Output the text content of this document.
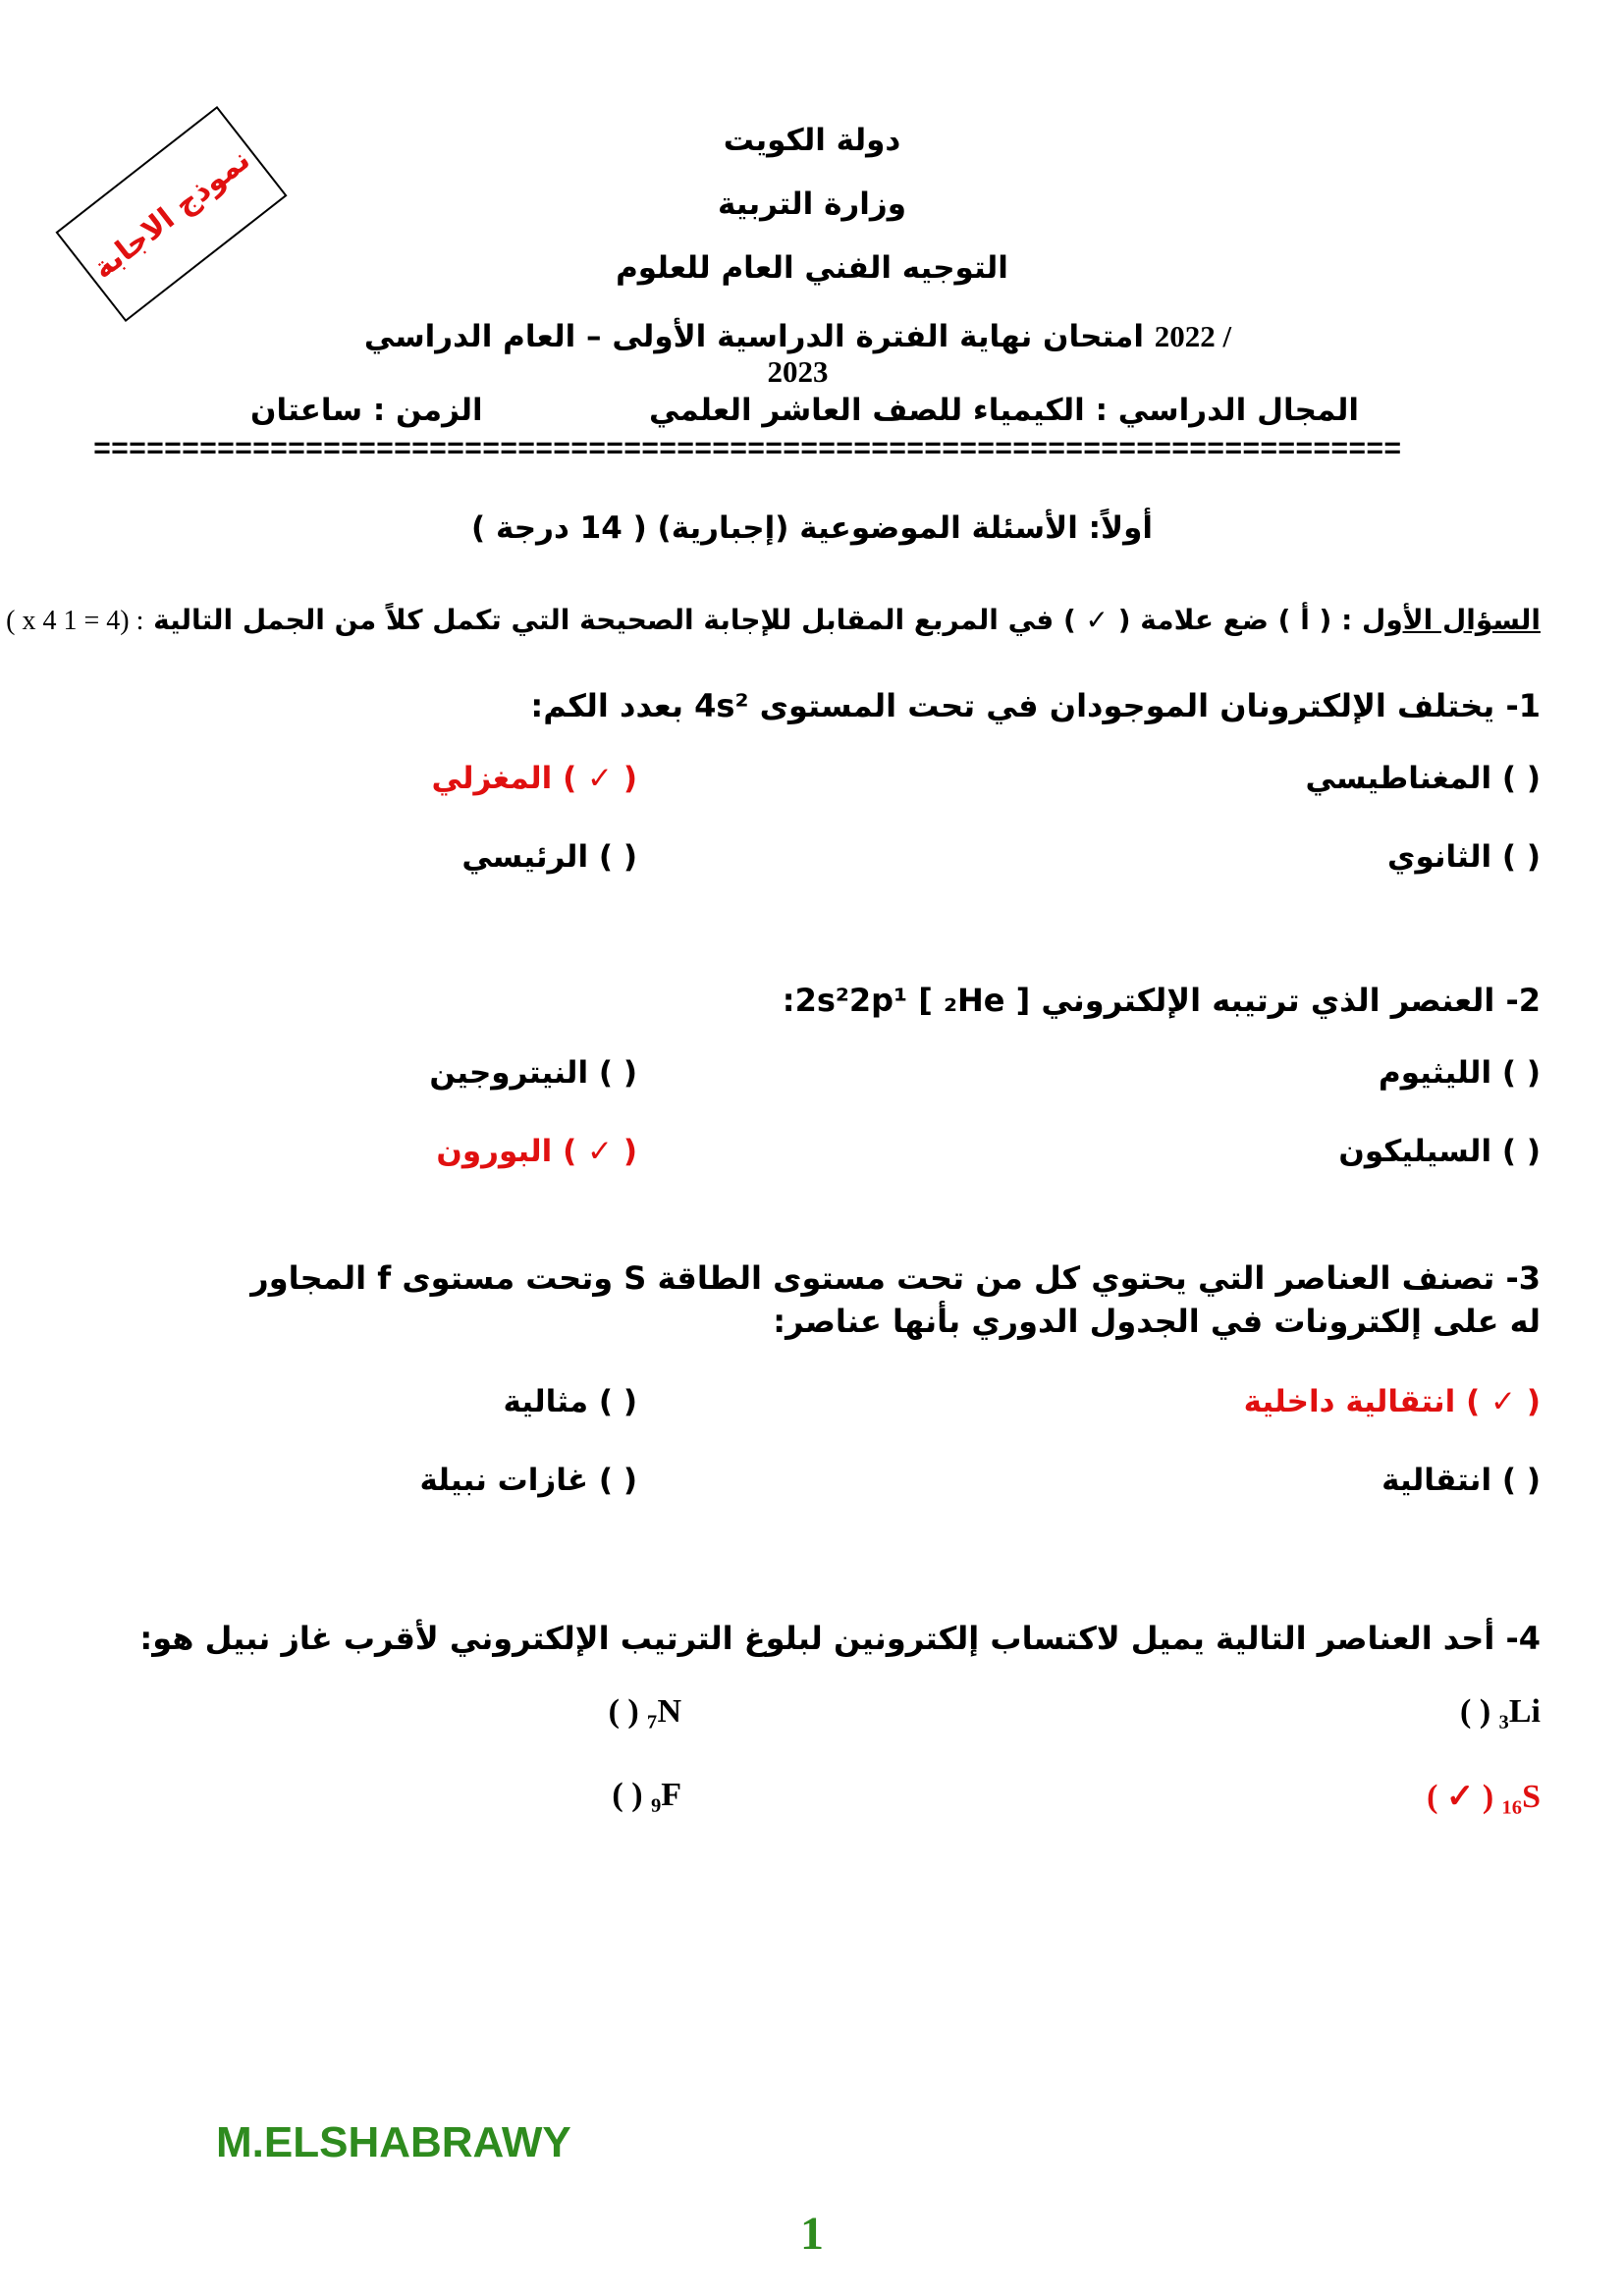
دولة الكويت
وزارة التربية
التوجيه الفني العام للعلوم
امتحان نهاية الفترة الدراسية الأولى – العام الدراسي 2022 / 2023
المجال الدراسي : الكيمياء للصف العاشر العلمي
الزمن : ساعتان
نموذج الاجابة
==========================================================================
أولاً: الأسئلة الموضوعية (إجبارية) ( 14 درجة )
السؤال الأول : ( أ ) ضع علامة ( ✓ ) في المربع المقابل للإجابة الصحيحة التي تكمل كلاً من الجمل التالية : (4 = 1 x 4 )
1- يختلف الإلكترونان الموجودان في تحت المستوى 4s² بعدد الكم:
( ) المغناطيسي
( ✓ ) المغزلي
( ) الثانوي
( ) الرئيسي
2- العنصر الذي ترتيبه الإلكتروني 2s²2p¹ [ ₂He ]:
( ) الليثيوم
( ) النيتروجين
( ) السيليكون
( ✓ ) البورون
3- تصنف العناصر التي يحتوي كل من تحت مستوى الطاقة S وتحت مستوى f المجاور له على إلكترونات في الجدول الدوري بأنها عناصر:
( ✓ ) انتقالية داخلية
( ) مثالية
( ) انتقالية
( ) غازات نبيلة
4- أحد العناصر التالية يميل لاكتساب إلكترونين لبلوغ الترتيب الإلكتروني لأقرب غاز نبيل هو:
₃Li ( )
₇N ( )
₁₆S ( ✓ )
₉F ( )
M.ELSHABRAWY
1
